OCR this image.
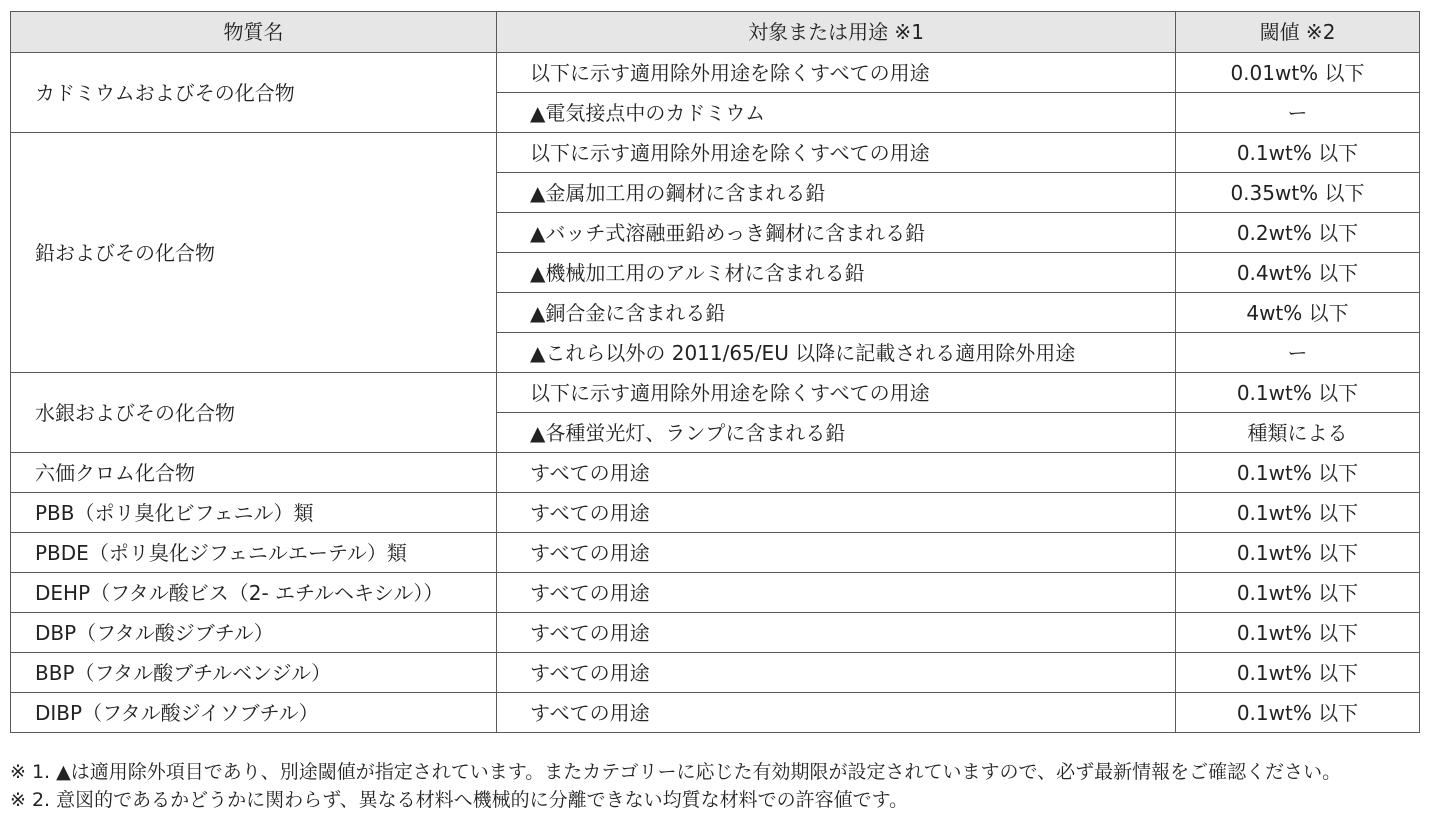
物質名	対象または用途 ※1	閾値 ※2
カドミウムおよびその化合物	以下に示す適用除外用途を除くすべての用途	0.01wt% 以下
	▲電気接点中のカドミウム	ー
鉛およびその化合物	以下に示す適用除外用途を除くすべての用途	0.1wt% 以下
	▲金属加工用の鋼材に含まれる鉛	0.35wt% 以下
	▲バッチ式溶融亜鉛めっき鋼材に含まれる鉛	0.2wt% 以下
	▲機械加工用のアルミ材に含まれる鉛	0.4wt% 以下
	▲銅合金に含まれる鉛	4wt% 以下
	▲これら以外の 2011/65/EU 以降に記載される適用除外用途	ー
水銀およびその化合物	以下に示す適用除外用途を除くすべての用途	0.1wt% 以下
	▲各種蛍光灯、ランプに含まれる鉛	種類による
六価クロム化合物	すべての用途	0.1wt% 以下
PBB（ポリ臭化ビフェニル）類	すべての用途	0.1wt% 以下
PBDE（ポリ臭化ジフェニルエーテル）類	すべての用途	0.1wt% 以下
DEHP（フタル酸ビス（2- エチルヘキシル））	すべての用途	0.1wt% 以下
DBP（フタル酸ジブチル）	すべての用途	0.1wt% 以下
BBP（フタル酸ブチルベンジル）	すべての用途	0.1wt% 以下
DIBP（フタル酸ジイソブチル）	すべての用途	0.1wt% 以下
※ 1. ▲は適用除外項目であり、別途閾値が指定されています。またカテゴリーに応じた有効期限が設定されていますので、必ず最新情報をご確認ください。
※ 2. 意図的であるかどうかに関わらず、異なる材料へ機械的に分離できない均質な材料での許容値です。
